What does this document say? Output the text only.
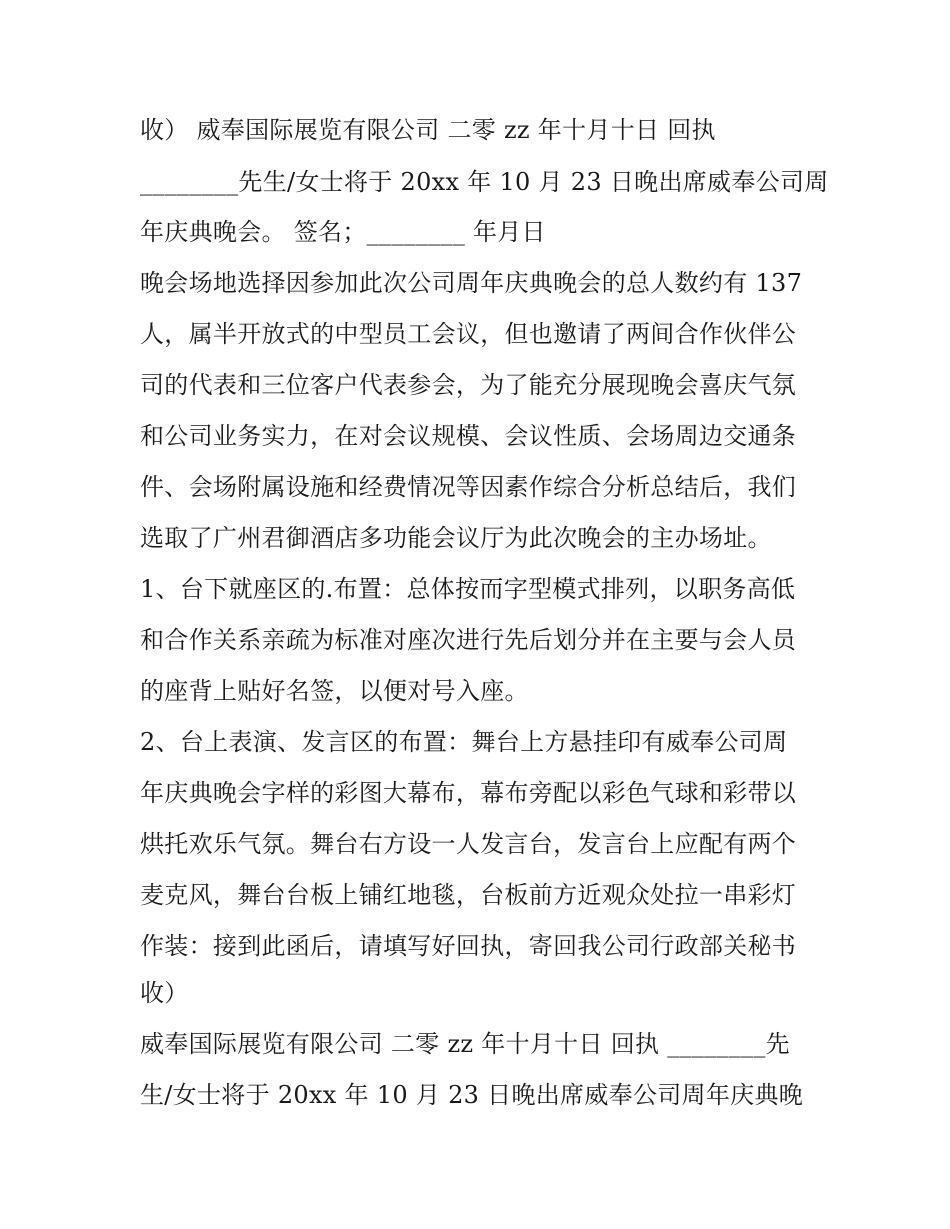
收） 威奉国际展览有限公司 二零 zz 年十月十日 回执
________先生/女士将于 20xx 年 10 月 23 日晚出席威奉公司周
年庆典晚会。 签名；________ 年月日
晚会场地选择因参加此次公司周年庆典晚会的总人数约有 137
人，属半开放式的中型员工会议，但也邀请了两间合作伙伴公
司的代表和三位客户代表参会，为了能充分展现晚会喜庆气氛
和公司业务实力，在对会议规模、会议性质、会场周边交通条
件、会场附属设施和经费情况等因素作综合分析总结后，我们
选取了广州君御酒店多功能会议厅为此次晚会的主办场址。
1、台下就座区的.布置：总体按而字型模式排列，以职务高低
和合作关系亲疏为标准对座次进行先后划分并在主要与会人员
的座背上贴好名签，以便对号入座。
2、台上表演、发言区的布置：舞台上方悬挂印有威奉公司周
年庆典晚会字样的彩图大幕布，幕布旁配以彩色气球和彩带以
烘托欢乐气氛。舞台右方设一人发言台，发言台上应配有两个
麦克风，舞台台板上铺红地毯，台板前方近观众处拉一串彩灯
作装：接到此函后，请填写好回执，寄回我公司行政部关秘书
收）
威奉国际展览有限公司 二零 zz 年十月十日 回执 ________先
生/女士将于 20xx 年 10 月 23 日晚出席威奉公司周年庆典晚
